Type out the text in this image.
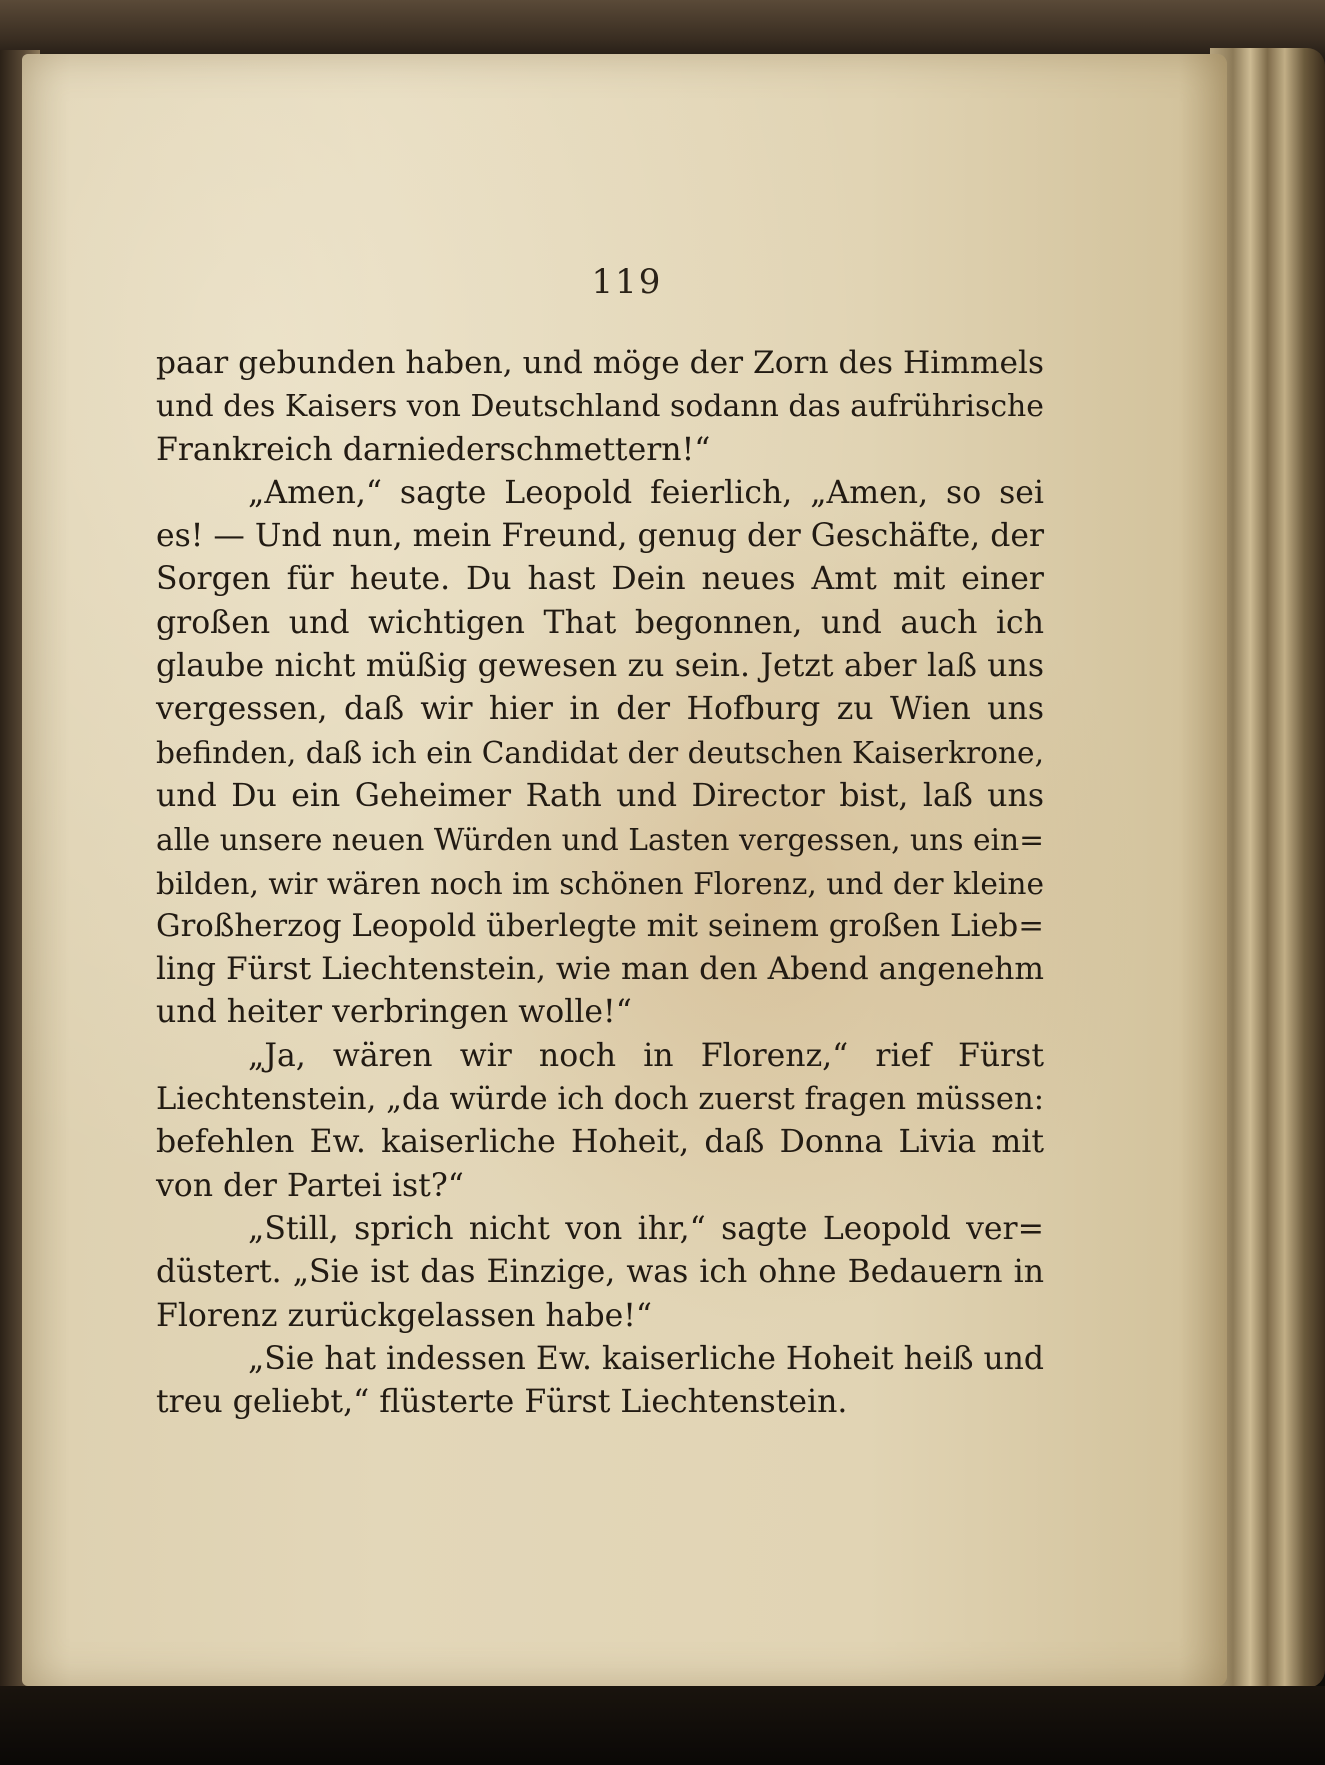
119
paar gebunden haben, und möge der Zorn des Himmels
und des Kaisers von Deutschland sodann das aufrührische
Frankreich darniederschmettern!“
„Amen,“ sagte Leopold feierlich, „Amen, so sei
es! — Und nun, mein Freund, genug der Geschäfte, der
Sorgen für heute. Du hast Dein neues Amt mit einer
großen und wichtigen That begonnen, und auch ich
glaube nicht müßig gewesen zu sein. Jetzt aber laß uns
vergessen, daß wir hier in der Hofburg zu Wien uns
befinden, daß ich ein Candidat der deutschen Kaiserkrone,
und Du ein Geheimer Rath und Director bist, laß uns
alle unsere neuen Würden und Lasten vergessen, uns ein=
bilden, wir wären noch im schönen Florenz, und der kleine
Großherzog Leopold überlegte mit seinem großen Lieb=
ling Fürst Liechtenstein, wie man den Abend angenehm
und heiter verbringen wolle!“
„Ja, wären wir noch in Florenz,“ rief Fürst
Liechtenstein, „da würde ich doch zuerst fragen müssen:
befehlen Ew. kaiserliche Hoheit, daß Donna Livia mit
von der Partei ist?“
„Still, sprich nicht von ihr,“ sagte Leopold ver=
düstert. „Sie ist das Einzige, was ich ohne Bedauern in
Florenz zurückgelassen habe!“
„Sie hat indessen Ew. kaiserliche Hoheit heiß und
treu geliebt,“ flüsterte Fürst Liechtenstein.
